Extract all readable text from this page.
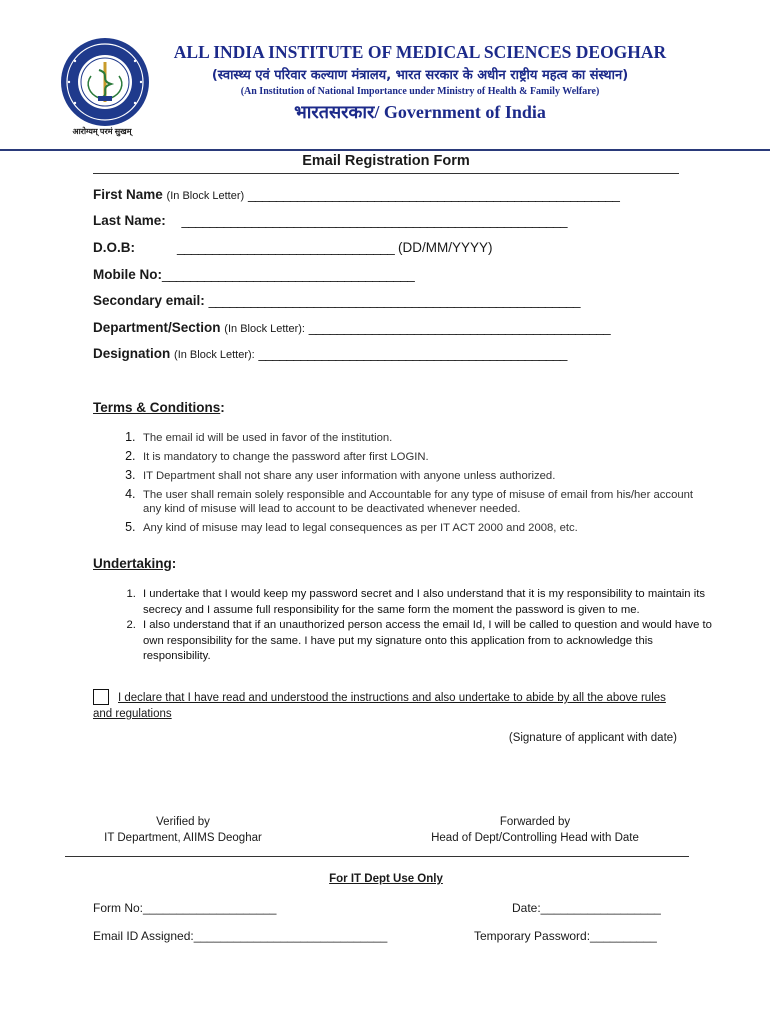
आरोग्यम् परमं सुखम्
ALL INDIA INSTITUTE OF MEDICAL SCIENCES DEOGHAR
(स्वास्थ्य एवं परिवार कल्याण मंत्रालय, भारत सरकार के अधीन राष्ट्रीय महत्व का संस्थान)
(An Institution of National Importance under Ministry of Health & Family Welfare)
भारतसरकार/ Government of India
Email Registration Form
First Name (In Block Letter) _____________________________________________________
Last Name: _______________________________________________________
D.O.B:	_______________________________ (DD/MM/YYYY)
Mobile No:____________________________________
Secondary email: _____________________________________________________
Department/Section (In Block Letter): ___________________________________________
Designation (In Block Letter): ____________________________________________
Terms & Conditions:
1. The email id will be used in favor of the institution.
2. It is mandatory to change the password after first LOGIN.
3. IT Department shall not share any user information with anyone unless authorized.
4. The user shall remain solely responsible and Accountable for any type of misuse of email from his/her account any kind of misuse will lead to account to be deactivated whenever needed.
5. Any kind of misuse may lead to legal consequences as per IT ACT 2000 and 2008, etc.
Undertaking:
1. I undertake that I would keep my password secret and I also understand that it is my responsibility to maintain its secrecy and I assume full responsibility for the same form the moment the password is given to me.
2. I also understand that if an unauthorized person access the email Id, I will be called to question and would have to own responsibility for the same. I have put my signature onto this application from to acknowledge this responsibility.
I declare that I have read and understood the instructions and also undertake to abide by all the above rules and regulations
(Signature of applicant with date)
Verified by
IT Department, AIIMS Deoghar
Forwarded by
Head of Dept/Controlling Head with Date
For IT Dept Use Only
Form No:____________________	Date:__________________
Email ID Assigned:_____________________________	Temporary Password:__________
